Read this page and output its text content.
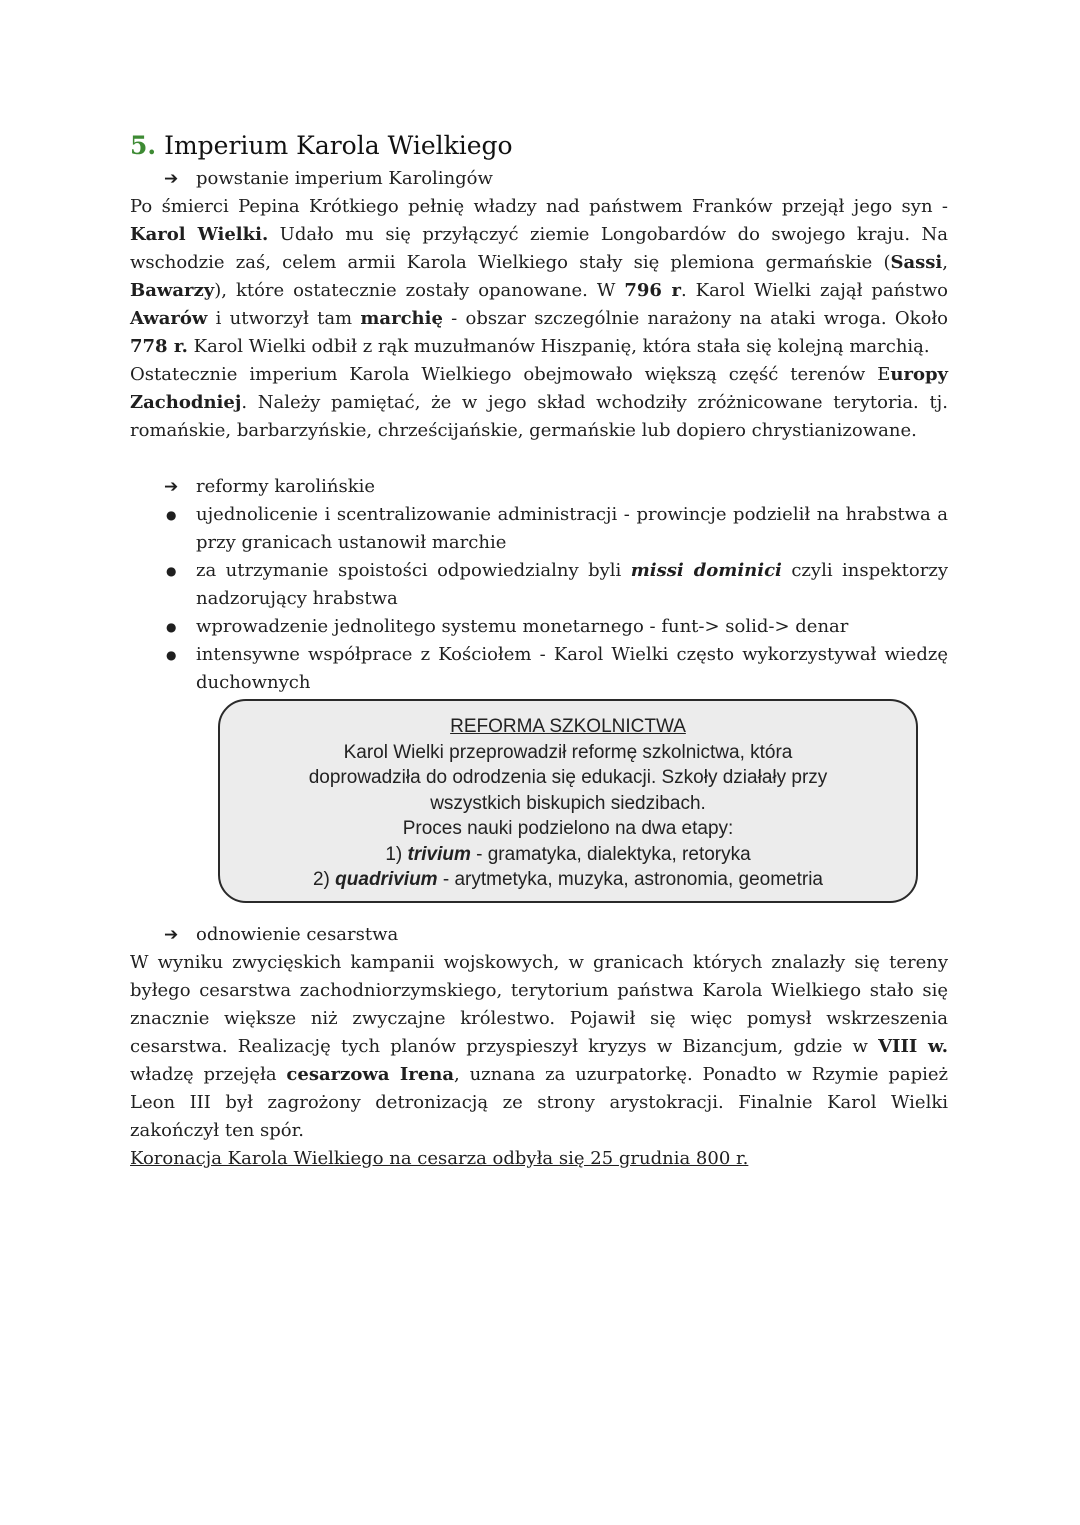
5. Imperium Karola Wielkiego

➔ powstanie imperium Karolingów

Po śmierci Pepina Krótkiego pełnię władzy nad państwem Franków przejął jego syn - Karol Wielki. Udało mu się przyłączyć ziemie Longobardów do swojego kraju. Na wschodzie zaś, celem armii Karola Wielkiego stały się plemiona germańskie (Sassi, Bawarzy), które ostatecznie zostały opanowane. W 796 r. Karol Wielki zajął państwo Awarów i utworzył tam marchię - obszar szczególnie narażony na ataki wroga. Około 778 r. Karol Wielki odbił z rąk muzułmanów Hiszpanię, która stała się kolejną marchią.

Ostatecznie imperium Karola Wielkiego obejmowało większą część terenów Europy Zachodniej. Należy pamiętać, że w jego skład wchodziły zróżnicowane terytoria. tj. romańskie, barbarzyńskie, chrześcijańskie, germańskie lub dopiero chrystianizowane.

➔ reformy karolińskie

● ujednolicenie i scentralizowanie administracji - prowincje podzielił na hrabstwa a przy granicach ustanowił marchie
● za utrzymanie spoistości odpowiedzialny byli missi dominici czyli inspektorzy nadzorujący hrabstwa
● wprowadzenie jednolitego systemu monetarnego - funt-> solid-> denar
● intensywne współprace z Kościołem - Karol Wielki często wykorzystywał wiedzę duchownych
REFORMA SZKOLNICTWA
Karol Wielki przeprowadził reformę szkolnictwa, która
doprowadziła do odrodzenia się edukacji. Szkoły działały przy
wszystkich biskupich siedzibach.
Proces nauki podzielono na dwa etapy:
1) trivium - gramatyka, dialektyka, retoryka
2) quadrivium - arytmetyka, muzyka, astronomia, geometria

➔ odnowienie cesarstwa

W wyniku zwycięskich kampanii wojskowych, w granicach których znalazły się tereny byłego cesarstwa zachodniorzymskiego, terytorium państwa Karola Wielkiego stało się znacznie większe niż zwyczajne królestwo. Pojawił się więc pomysł wskrzeszenia cesarstwa. Realizację tych planów przyspieszył kryzys w Bizancjum, gdzie w VIII w. władzę przejęła cesarzowa Irena, uznana za uzurpatorkę. Ponadto w Rzymie papież Leon III był zagrożony detronizacją ze strony arystokracji. Finalnie Karol Wielki zakończył ten spór.

Koronacja Karola Wielkiego na cesarza odbyła się 25 grudnia 800 r.
